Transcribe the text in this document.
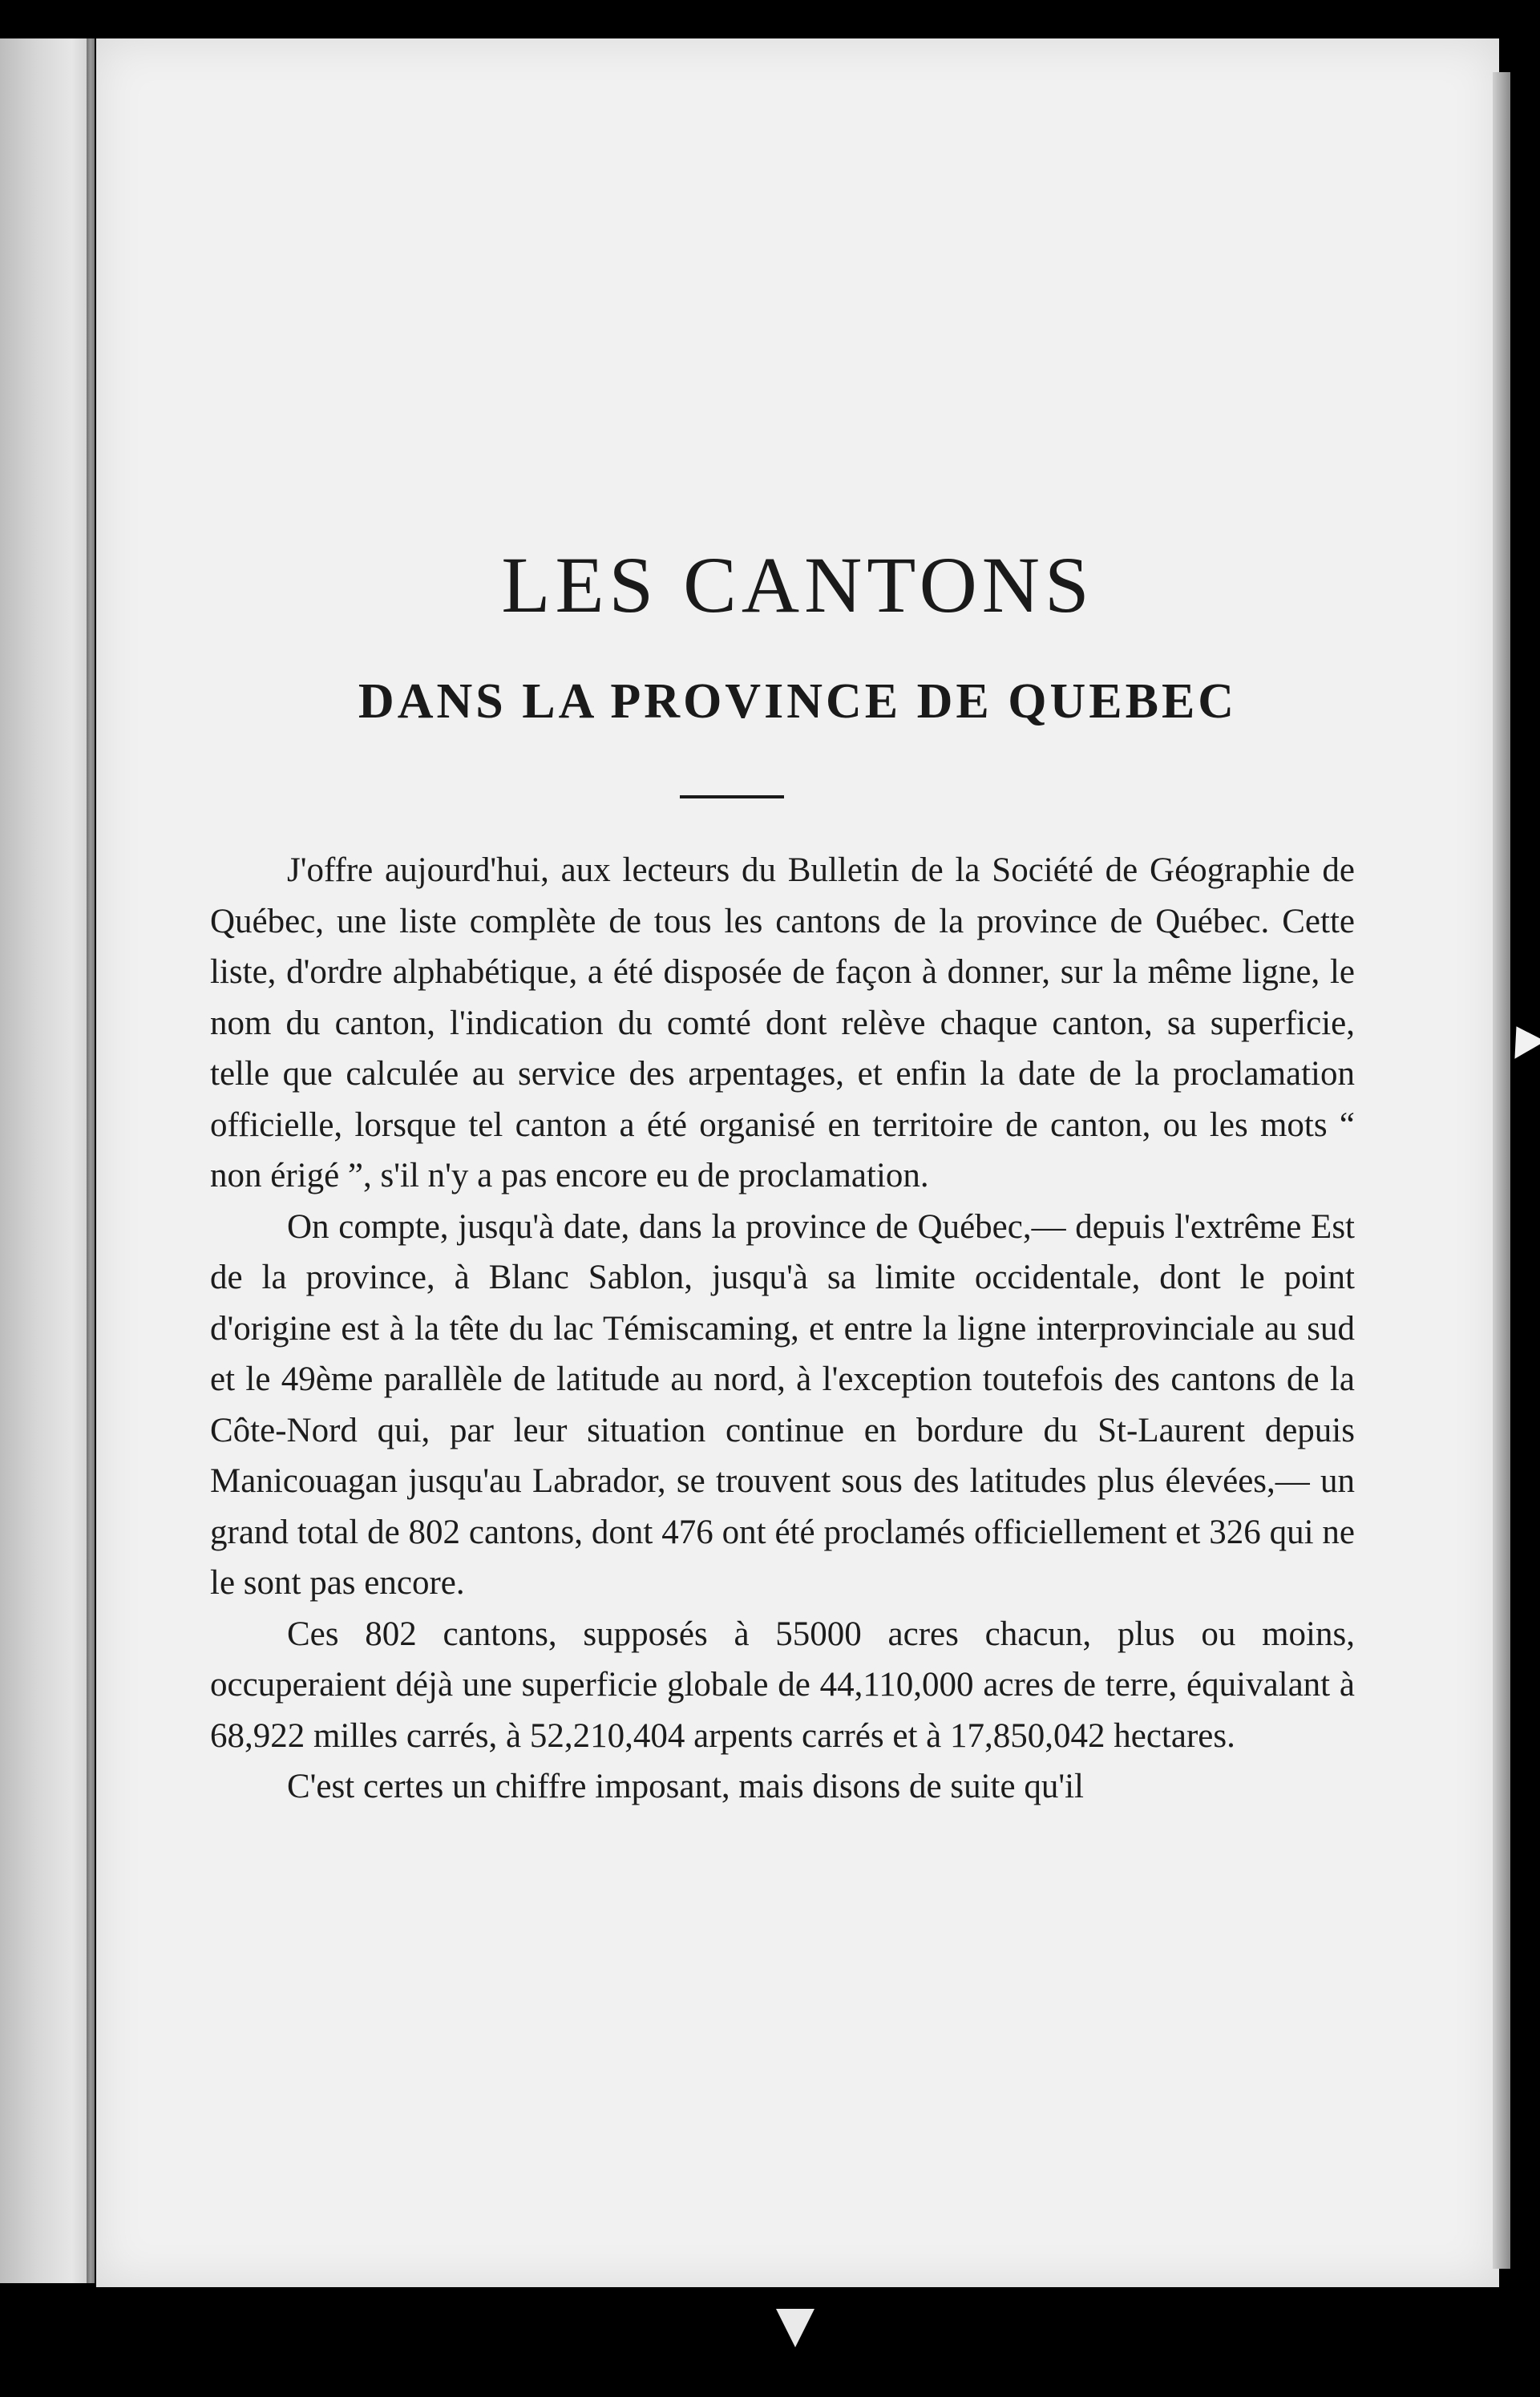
LES CANTONS
DANS LA PROVINCE DE QUEBEC

J'offre aujourd'hui, aux lecteurs du Bulletin de la Société de Géographie de Québec, une liste complète de tous les cantons de la province de Québec. Cette liste, d'ordre alphabétique, a été disposée de façon à donner, sur la même ligne, le nom du canton, l'indication du comté dont relève chaque canton, sa superficie, telle que calculée au service des arpentages, et enfin la date de la proclamation officielle, lorsque tel canton a été organisé en territoire de canton, ou les mots “ non érigé ”, s'il n'y a pas encore eu de proclamation.

On compte, jusqu'à date, dans la province de Québec,— depuis l'extrême Est de la province, à Blanc Sablon, jusqu'à sa limite occidentale, dont le point d'origine est à la tête du lac Témiscaming, et entre la ligne interprovinciale au sud et le 49ème parallèle de latitude au nord, à l'exception toutefois des cantons de la Côte-Nord qui, par leur situation continue en bordure du St-Laurent depuis Manicouagan jusqu'au Labrador, se trouvent sous des latitudes plus élevées,— un grand total de 802 cantons, dont 476 ont été proclamés officiellement et 326 qui ne le sont pas encore.

Ces 802 cantons, supposés à 55000 acres chacun, plus ou moins, occuperaient déjà une superficie globale de 44,110,000 acres de terre, équivalant à 68,922 milles carrés, à 52,210,404 arpents carrés et à 17,850,042 hectares.

C'est certes un chiffre imposant, mais disons de suite qu'il
